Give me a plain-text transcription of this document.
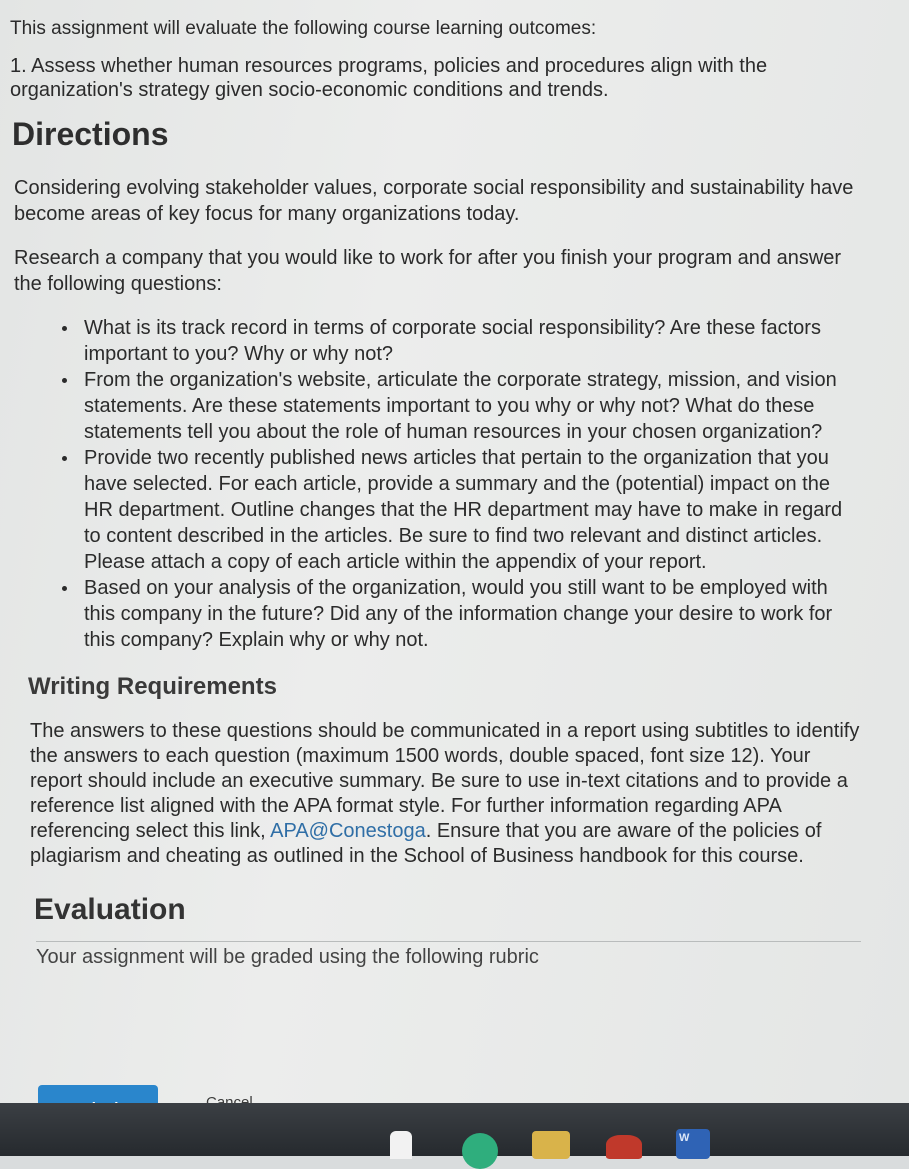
This assignment will evaluate the following course learning outcomes:

1. Assess whether human resources programs, policies and procedures align with the organization's strategy given socio-economic conditions and trends.

Directions

Considering evolving stakeholder values, corporate social responsibility and sustainability have become areas of key focus for many organizations today.

Research a company that you would like to work for after you finish your program and answer the following questions:

What is its track record in terms of corporate social responsibility? Are these factors important to you? Why or why not?
From the organization's website, articulate the corporate strategy, mission, and vision statements. Are these statements important to you why or why not? What do these statements tell you about the role of human resources in your chosen organization?
Provide two recently published news articles that pertain to the organization that you have selected. For each article, provide a summary and the (potential) impact on the HR department. Outline changes that the HR department may have to make in regard to content described in the articles. Be sure to find two relevant and distinct articles. Please attach a copy of each article within the appendix of your report.
Based on your analysis of the organization, would you still want to be employed with this company in the future? Did any of the information change your desire to work for this company? Explain why or why not.
Writing Requirements

The answers to these questions should be communicated in a report using subtitles to identify the answers to each question (maximum 1500 words, double spaced, font size 12). Your report should include an executive summary. Be sure to use in-text citations and to provide a reference list aligned with the APA format style. For further information regarding APA referencing select this link, APA@Conestoga. Ensure that you are aware of the policies of plagiarism and cheating as outlined in the School of Business handbook for this course.

Evaluation
Your assignment will be graded using the following rubric
W
